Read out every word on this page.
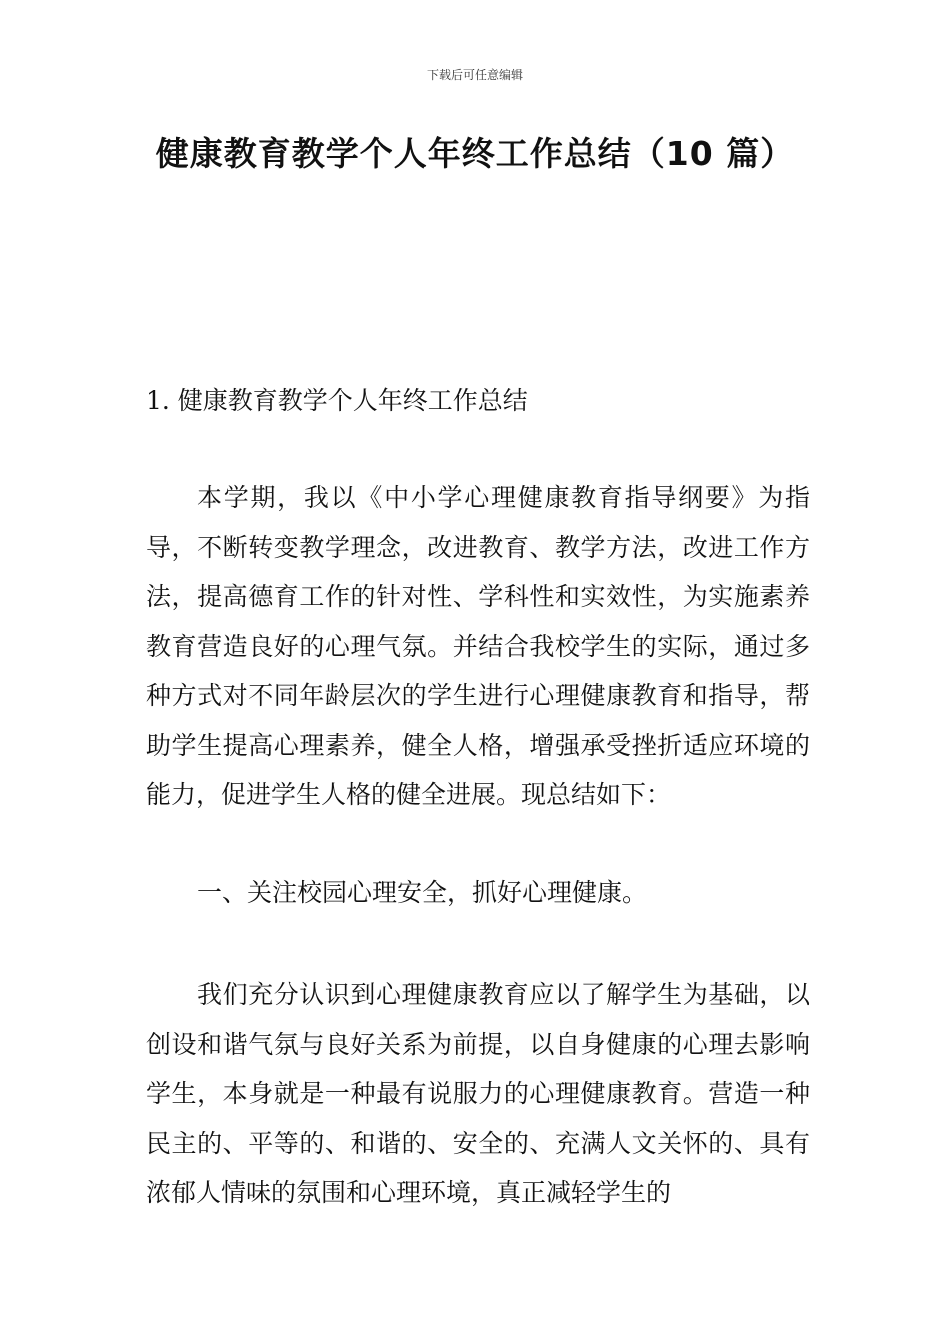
下载后可任意编辑
健康教育教学个人年终工作总结（10 篇）
1. 健康教育教学个人年终工作总结

本学期，我以《中小学心理健康教育指导纲要》为指导，不断转变教学理念，改进教育、教学方法，改进工作方法，提高德育工作的针对性、学科性和实效性，为实施素养教育营造良好的心理气氛。并结合我校学生的实际，通过多种方式对不同年龄层次的学生进行心理健康教育和指导，帮助学生提高心理素养，健全人格，增强承受挫折适应环境的能力，促进学生人格的健全进展。现总结如下：

一、关注校园心理安全，抓好心理健康。

我们充分认识到心理健康教育应以了解学生为基础，以创设和谐气氛与良好关系为前提，以自身健康的心理去影响学生，本身就是一种最有说服力的心理健康教育。营造一种民主的、平等的、和谐的、安全的、充满人文关怀的、具有浓郁人情味的氛围和心理环境，真正减轻学生的
